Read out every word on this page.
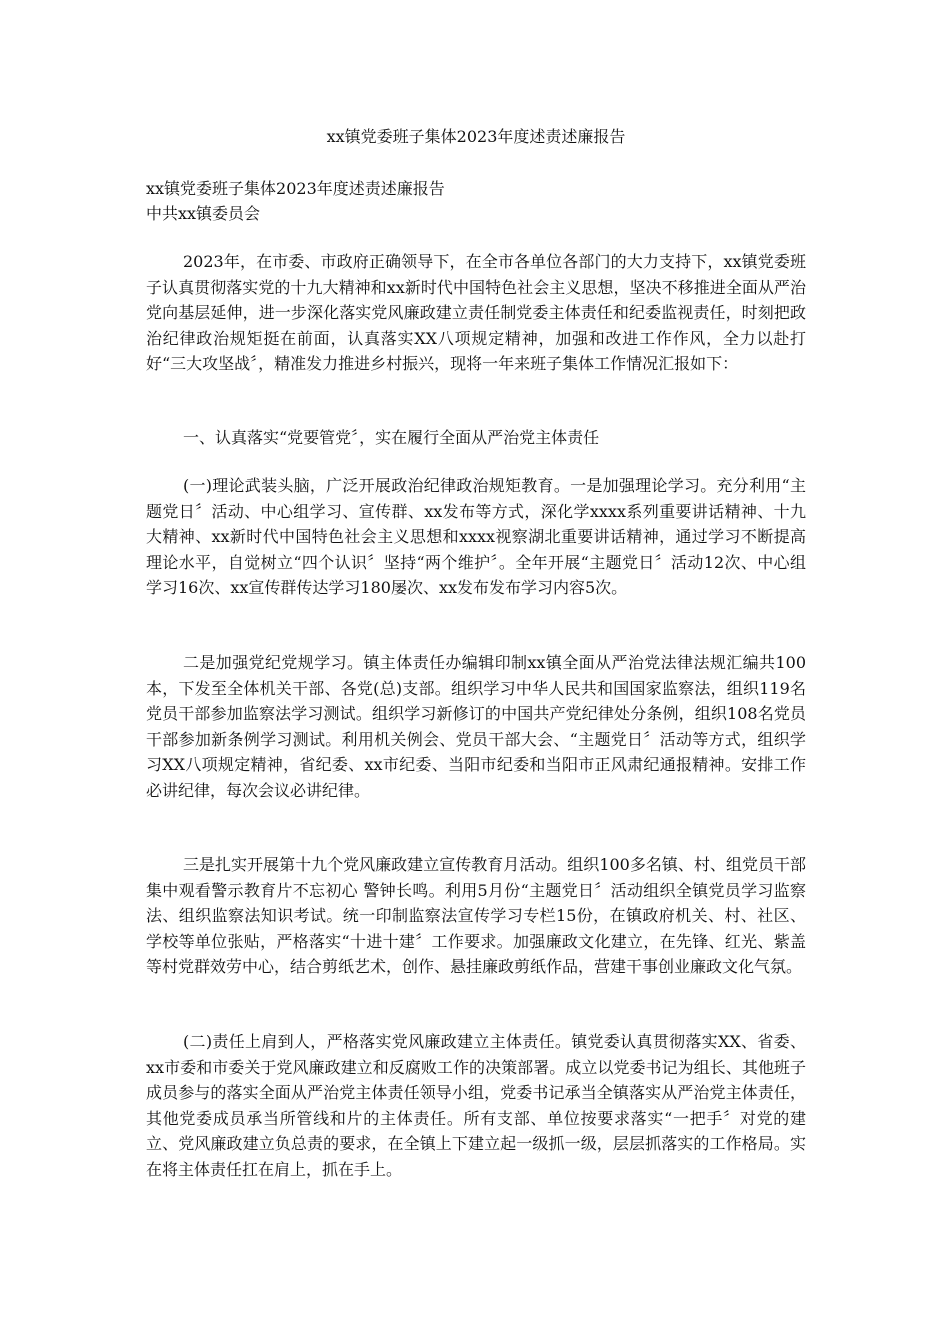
xx镇党委班子集体2023年度述责述廉报告
xx镇党委班子集体2023年度述责述廉报告
中共xx镇委员会

2023年，在市委、市政府正确领导下，在全市各单位各部门的大力支持下，xx镇党委班子认真贯彻落实党的十九大精神和xx新时代中国特色社会主义思想，坚决不移推进全面从严治党向基层延伸，进一步深化落实党风廉政建立责任制党委主体责任和纪委监视责任，时刻把政治纪律政治规矩挺在前面，认真落实XX八项规定精神，加强和改进工作作风，全力以赴打好“三大攻坚战〞，精准发力推进乡村振兴，现将一年来班子集体工作情况汇报如下：

一、认真落实“党要管党〞，实在履行全面从严治党主体责任

(一)理论武装头脑，广泛开展政治纪律政治规矩教育。一是加强理论学习。充分利用“主题党日〞活动、中心组学习、宣传群、xx发布等方式，深化学xxxx系列重要讲话精神、十九大精神、xx新时代中国特色社会主义思想和xxxx视察湖北重要讲话精神，通过学习不断提高理论水平，自觉树立“四个认识〞坚持“两个维护〞。全年开展“主题党日〞活动12次、中心组学习16次、xx宣传群传达学习180屡次、xx发布发布学习内容5次。

二是加强党纪党规学习。镇主体责任办编辑印制xx镇全面从严治党法律法规汇编共100本，下发至全体机关干部、各党(总)支部。组织学习中华人民共和国国家监察法，组织119名党员干部参加监察法学习测试。组织学习新修订的中国共产党纪律处分条例，组织108名党员干部参加新条例学习测试。利用机关例会、党员干部大会、“主题党日〞活动等方式，组织学习XX八项规定精神，省纪委、xx市纪委、当阳市纪委和当阳市正风肃纪通报精神。安排工作必讲纪律，每次会议必讲纪律。

三是扎实开展第十九个党风廉政建立宣传教育月活动。组织100多名镇、村、组党员干部集中观看警示教育片不忘初心 警钟长鸣。利用5月份“主题党日〞活动组织全镇党员学习监察法、组织监察法知识考试。统一印制监察法宣传学习专栏15份，在镇政府机关、村、社区、学校等单位张贴，严格落实“十进十建〞工作要求。加强廉政文化建立，在先锋、红光、紫盖等村党群效劳中心，结合剪纸艺术，创作、悬挂廉政剪纸作品，营建干事创业廉政文化气氛。

(二)责任上肩到人，严格落实党风廉政建立主体责任。镇党委认真贯彻落实XX、省委、xx市委和市委关于党风廉政建立和反腐败工作的决策部署。成立以党委书记为组长、其他班子成员参与的落实全面从严治党主体责任领导小组，党委书记承当全镇落实从严治党主体责任，其他党委成员承当所管线和片的主体责任。所有支部、单位按要求落实“一把手〞对党的建立、党风廉政建立负总责的要求，在全镇上下建立起一级抓一级，层层抓落实的工作格局。实在将主体责任扛在肩上，抓在手上。
